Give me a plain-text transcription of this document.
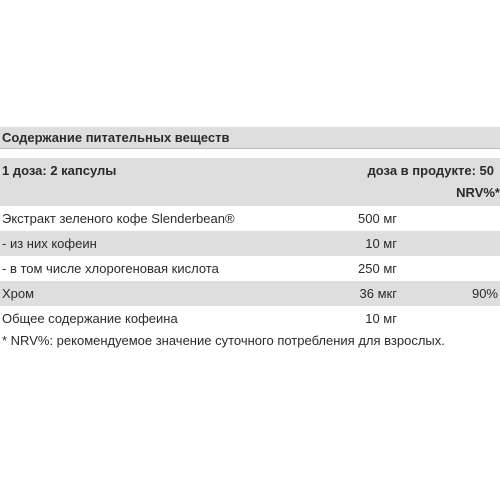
Содержание питательных веществ
1 доза: 2 капсулы	доза в продукте: 50
NRV%*
Экстракт зеленого кофе Slenderbean®	500 мг
- из них кофеин	10 мг
- в том числе хлорогеновая кислота	250 мг
Хром	36 мкг	90%
Общее содержание кофеина	10 мг
* NRV%: рекомендуемое значение суточного потребления для взрослых.
